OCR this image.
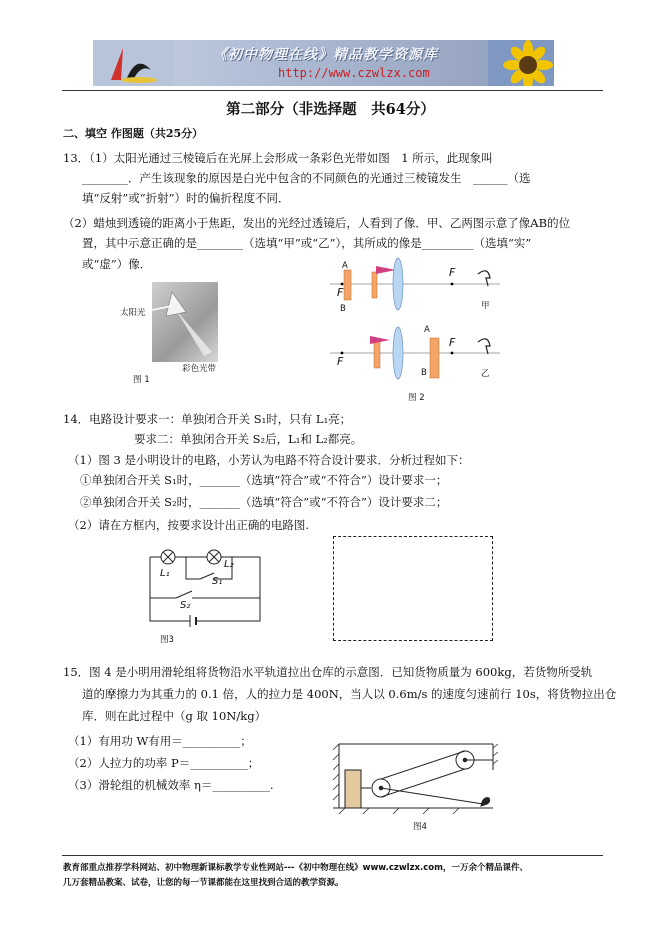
《初中物理在线》精品教学资源库
http://www.czwlzx.com
第二部分（非选择题　共64分）
二、填空 作图题（共25分）
13．（1）太阳光通过三棱镜后在光屏上会形成一条彩色光带如图　1 所示，此现象叫
________．产生该现象的原因是白光中包含的不同颜色的光通过三棱镜发生　______（选
填“反射”或“折射”）时的偏折程度不同．
（2）蜡烛到透镜的距离小于焦距，发出的光经过透镜后，人看到了像．甲、乙两图示意了像AB的位
置，其中示意正确的是________（选填“甲”或“乙”），其所成的像是_________（选填“实”
或“虚”）像．
太阳光
彩色光带
图 1
A
F
B
F
甲
A
F
B
F
乙
图 2
14．电路设计要求一：单独闭合开关 S₁时，只有 L₁亮；
要求二：单独闭合开关 S₂后，L₁和 L₂都亮。
（1）图 3 是小明设计的电路，小芳认为电路不符合设计要求．分析过程如下：
①单独闭合开关 S₁时，_______（选填“符合”或“不符合”）设计要求一；
②单独闭合开关 S₂时，_______（选填“符合”或“不符合”）设计要求二；
（2）请在方框内，按要求设计出正确的电路图.
L₁
L₂
S₁
S₂
图3
15．图 4 是小明用滑轮组将货物沿水平轨道拉出仓库的示意图．已知货物质量为 600kg，若货物所受轨
道的摩擦力为其重力的 0.1 倍，人的拉力是 400N，当人以 0.6m/s 的速度匀速前行 10s，将货物拉出仓
库．则在此过程中（g 取 10N/kg）
（1）有用功 W有用＝__________；
（2）人拉力的功率 P＝__________；
（3）滑轮组的机械效率 η＝__________.
图4
教育部重点推荐学科网站、初中物理新课标教学专业性网站---《初中物理在线》www.czwlzx.com，一万余个精品课件、
几万套精品教案、试卷，让您的每一节课都能在这里找到合适的教学资源。
